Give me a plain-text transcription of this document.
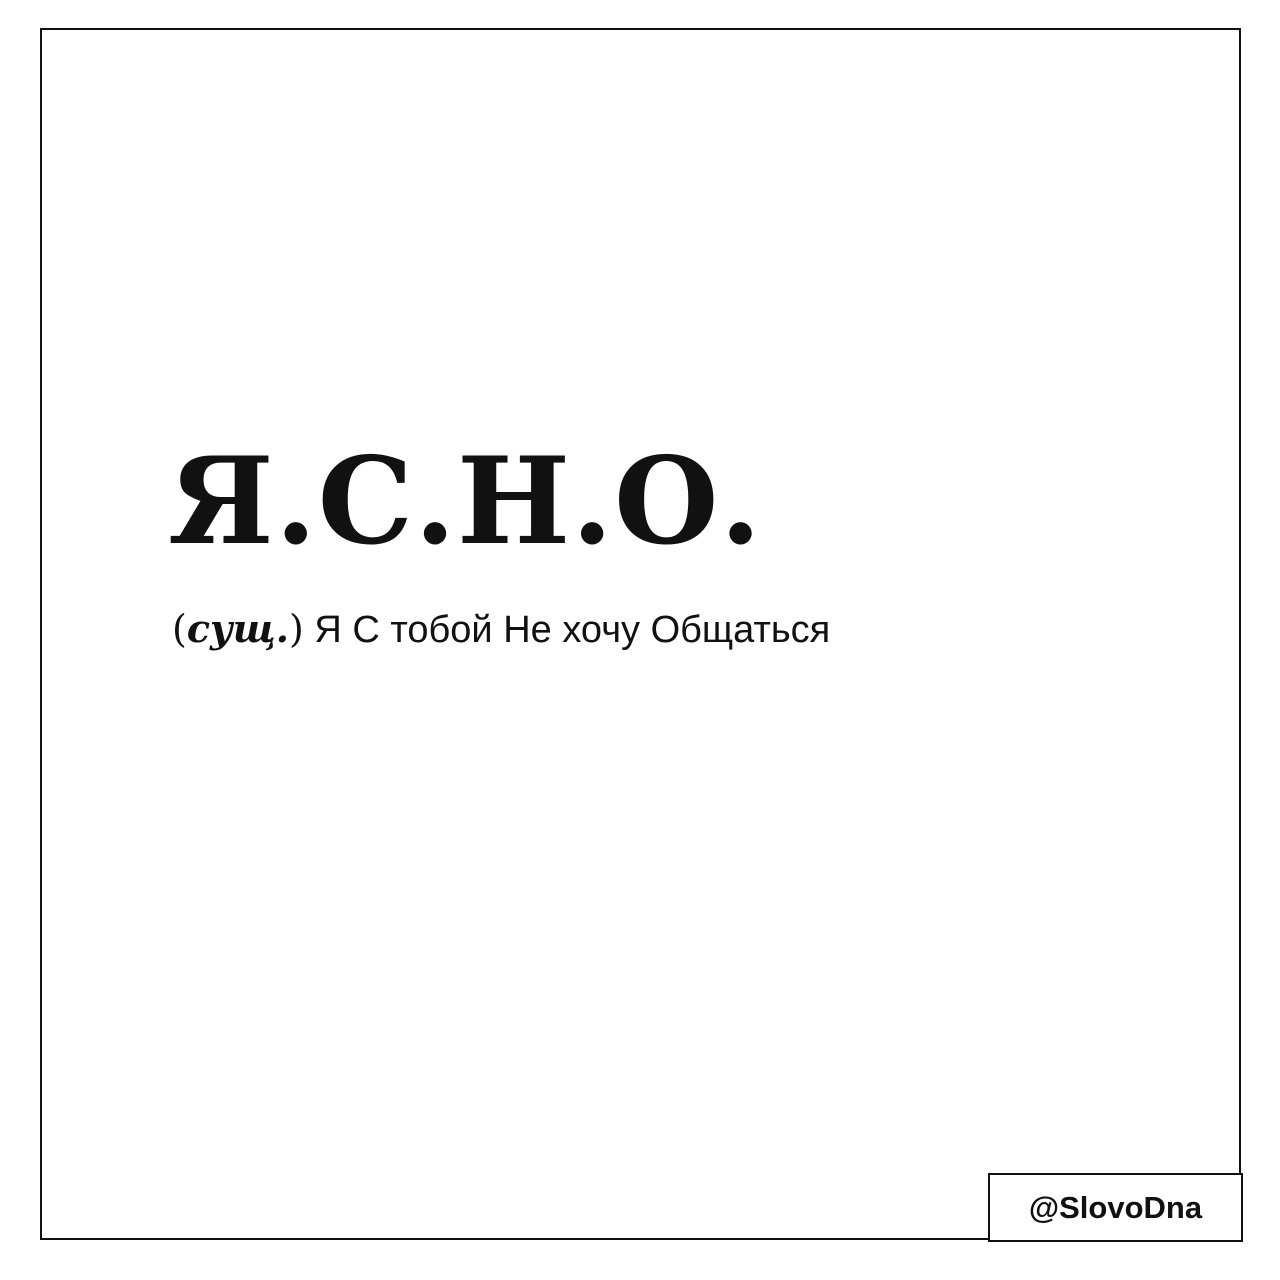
Я.С.Н.О.

(сущ.) Я С тобой Не хочу Общаться

@SlovoDna
